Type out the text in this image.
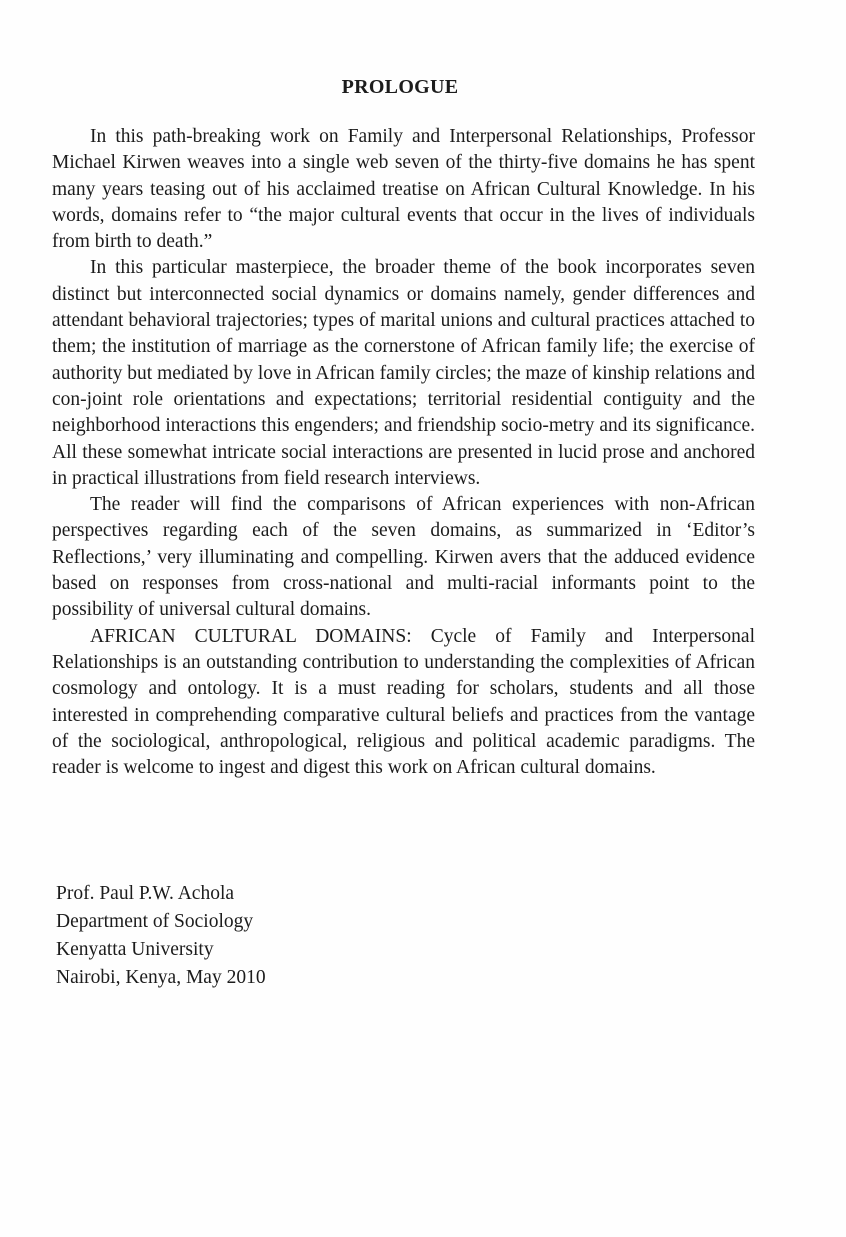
PROLOGUE

In this path-breaking work on Family and Interpersonal Relationships, Professor Michael Kirwen weaves into a single web seven of the thirty-five domains he has spent many years teasing out of his acclaimed treatise on African Cultural Knowledge. In his words, domains refer to “the major cultural events that occur in the lives of individuals from birth to death.”

In this particular masterpiece, the broader theme of the book incorporates seven distinct but interconnected social dynamics or domains namely, gender differences and attendant behavioral trajectories; types of marital unions and cultural practices attached to them; the institution of marriage as the cornerstone of African family life; the exercise of authority but mediated by love in African family circles; the maze of kinship relations and con-joint role orientations and expectations; territorial residential contiguity and the neighborhood interactions this engenders; and friendship socio-metry and its significance. All these somewhat intricate social interactions are presented in lucid prose and anchored in practical illustrations from field research interviews.

The reader will find the comparisons of African experiences with non-African perspectives regarding each of the seven domains, as summarized in ‘Editor’s Reflections,’ very illuminating and compelling. Kirwen avers that the adduced evidence based on responses from cross-national and multi-racial informants point to the possibility of universal cultural domains.

AFRICAN CULTURAL DOMAINS: Cycle of Family and Interpersonal Relationships is an outstanding contribution to understanding the complexities of African cosmology and ontology. It is a must reading for scholars, students and all those interested in comprehending comparative cultural beliefs and practices from the vantage of the sociological, anthropological, religious and political academic paradigms. The reader is welcome to ingest and digest this work on African cultural domains.

Prof. Paul P.W. Achola
Department of Sociology
Kenyatta University
Nairobi, Kenya, May 2010
